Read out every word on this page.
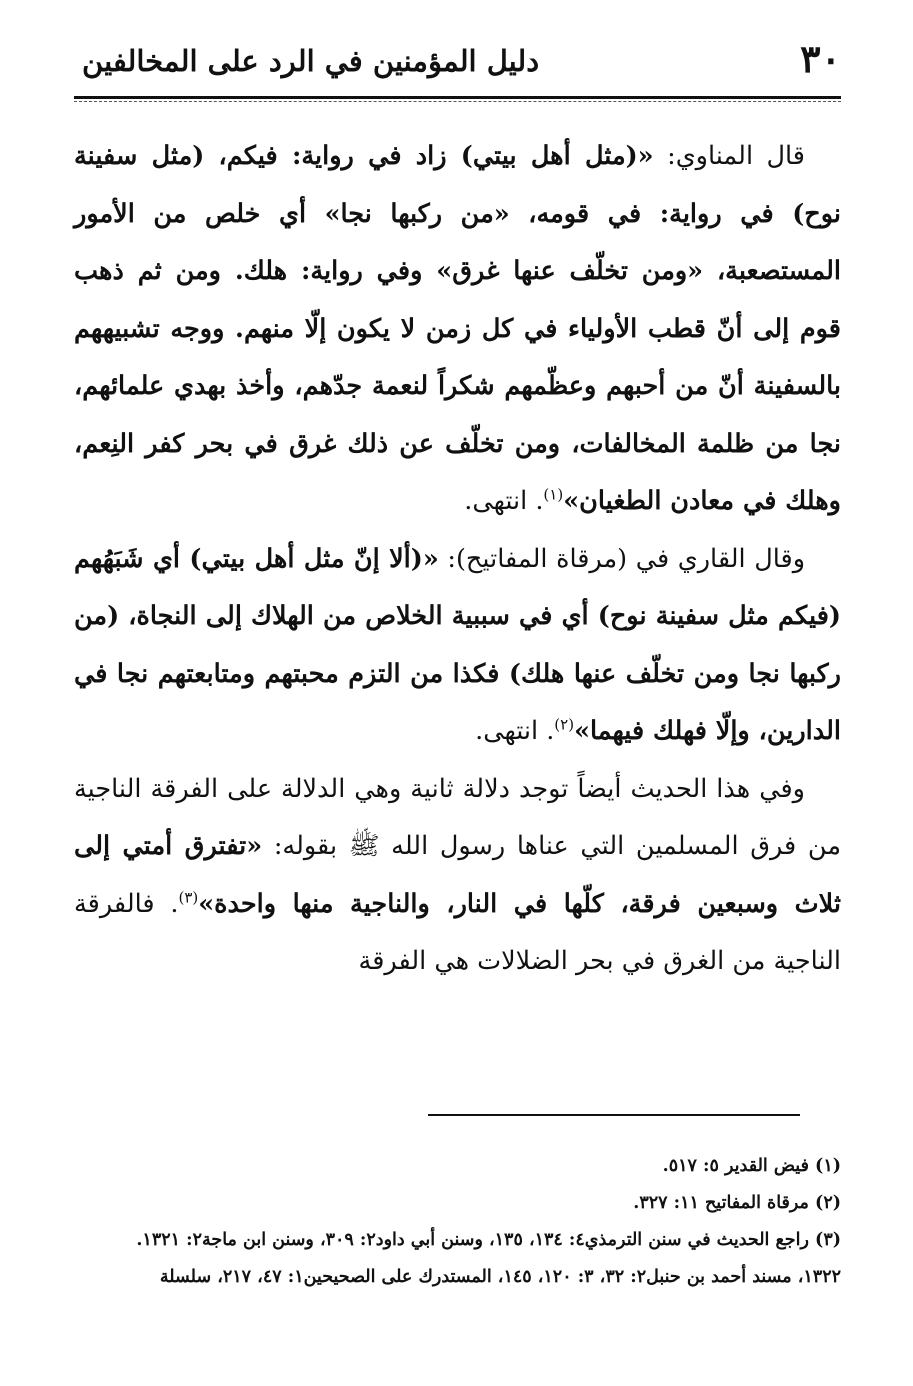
٣٠
دليل المؤمنين في الرد على المخالفين

قال المناوي: «(مثل أهل بيتي) زاد في رواية: فيكم، (مثل سفينة نوح) في رواية: في قومه، «من ركبها نجا» أي خلص من الأمور المستصعبة، «ومن تخلّف عنها غرق» وفي رواية: هلك. ومن ثم ذهب قوم إلى أنّ قطب الأولياء في كل زمن لا يكون إلّا منهم. ووجه تشبيههم بالسفينة أنّ من أحبهم وعظّمهم شكراً لنعمة جدّهم، وأخذ بهدي علمائهم، نجا من ظلمة المخالفات، ومن تخلّف عن ذلك غرق في بحر كفر النِعم، وهلك في معادن الطغيان»$^{(١)}$. انتهى.

وقال القاري في (مرقاة المفاتيح): «(ألا إنّ مثل أهل بيتي) أي شَبَهُهم (فيكم مثل سفينة نوح) أي في سببية الخلاص من الهلاك إلى النجاة، (من ركبها نجا ومن تخلّف عنها هلك) فكذا من التزم محبتهم ومتابعتهم نجا في الدارين، وإلّا فهلك فيهما»$^{(٢)}$. انتهى.

وفي هذا الحديث أيضاً توجد دلالة ثانية وهي الدلالة على الفرقة الناجية من فرق المسلمين التي عناها رسول الله ﷺ بقوله: «تفترق أمتي إلى ثلاث وسبعين فرقة، كلّها في النار، والناجية منها واحدة»$^{(٣)}$. فالفرقة الناجية من الغرق في بحر الضلالات هي الفرقة

(١) فيض القدير ٥: ٥١٧.
(٢) مرقاة المفاتيح ١١: ٣٢٧.
(٣) راجع الحديث في سنن الترمذي٤: ١٣٤، ١٣٥، وسنن أبي داود٢: ٣٠٩، وسنن ابن ماجة٢: ١٣٢١.
١٣٢٢، مسند أحمد بن حنبل٢: ٣٢، ٣: ١٢٠، ١٤٥، المستدرك على الصحيحين١: ٤٧، ٢١٧، سلسلة
